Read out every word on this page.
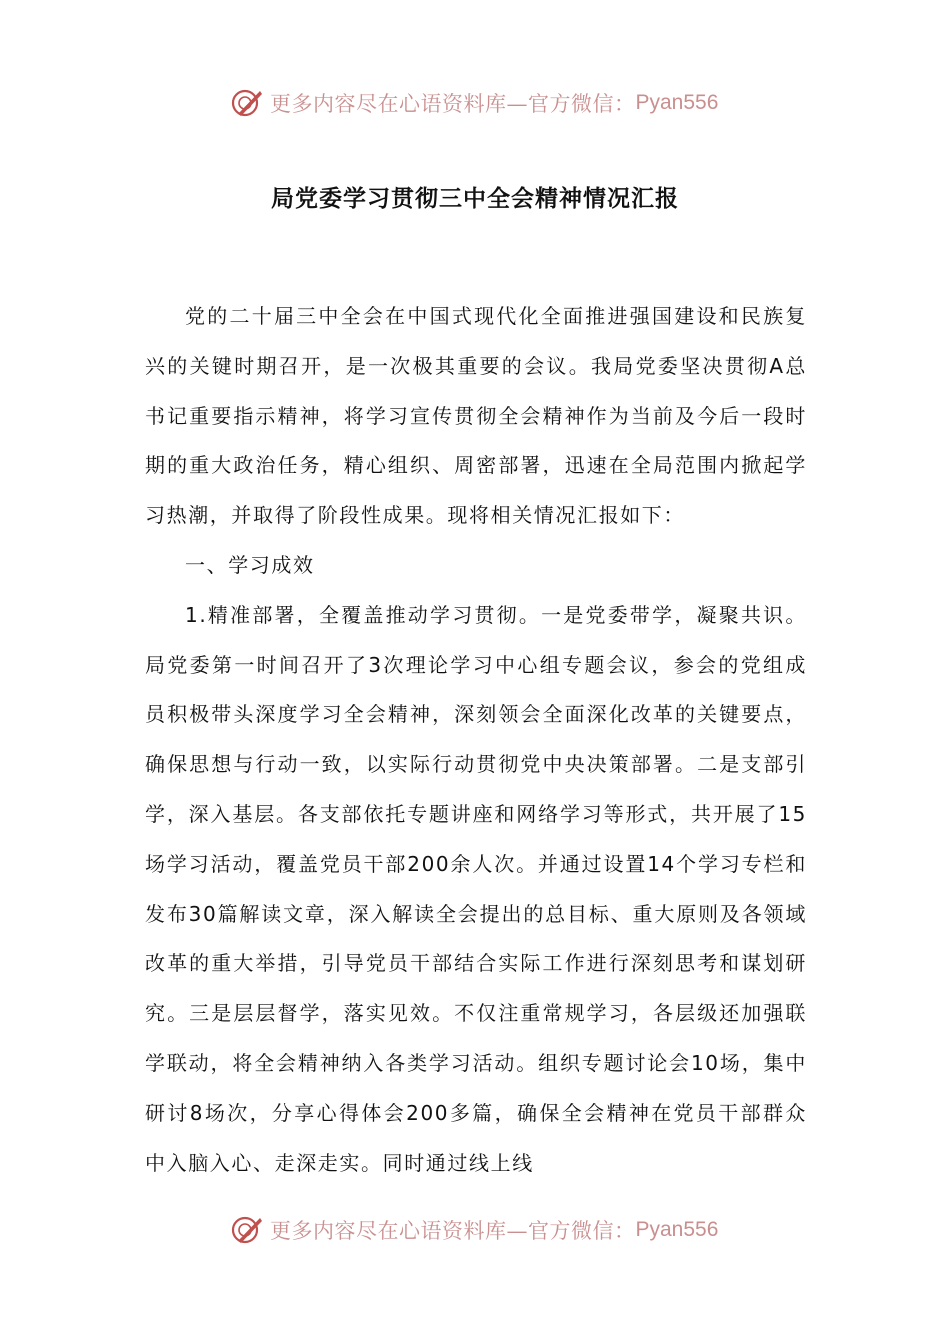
更多内容尽在心语资料库—官方微信： Pyan556
局党委学习贯彻三中全会精神情况汇报

党的二十届三中全会在中国式现代化全面推进强国建设和民族复兴的关键时期召开，是一次极其重要的会议。我局党委坚决贯彻A总书记重要指示精神，将学习宣传贯彻全会精神作为当前及今后一段时期的重大政治任务，精心组织、周密部署，迅速在全局范围内掀起学习热潮，并取得了阶段性成果。现将相关情况汇报如下：

一、学习成效

1.精准部署，全覆盖推动学习贯彻。一是党委带学，凝聚共识。局党委第一时间召开了3次理论学习中心组专题会议，参会的党组成员积极带头深度学习全会精神，深刻领会全面深化改革的关键要点，确保思想与行动一致，以实际行动贯彻党中央决策部署。二是支部引学，深入基层。各支部依托专题讲座和网络学习等形式，共开展了15场学习活动，覆盖党员干部200余人次。并通过设置14个学习专栏和发布30篇解读文章，深入解读全会提出的总目标、重大原则及各领域改革的重大举措，引导党员干部结合实际工作进行深刻思考和谋划研究。三是层层督学，落实见效。不仅注重常规学习，各层级还加强联学联动，将全会精神纳入各类学习活动。组织专题讨论会10场，集中研讨8场次，分享心得体会200多篇，确保全会精神在党员干部群众中入脑入心、走深走实。同时通过线上线

更多内容尽在心语资料库—官方微信： Pyan556
